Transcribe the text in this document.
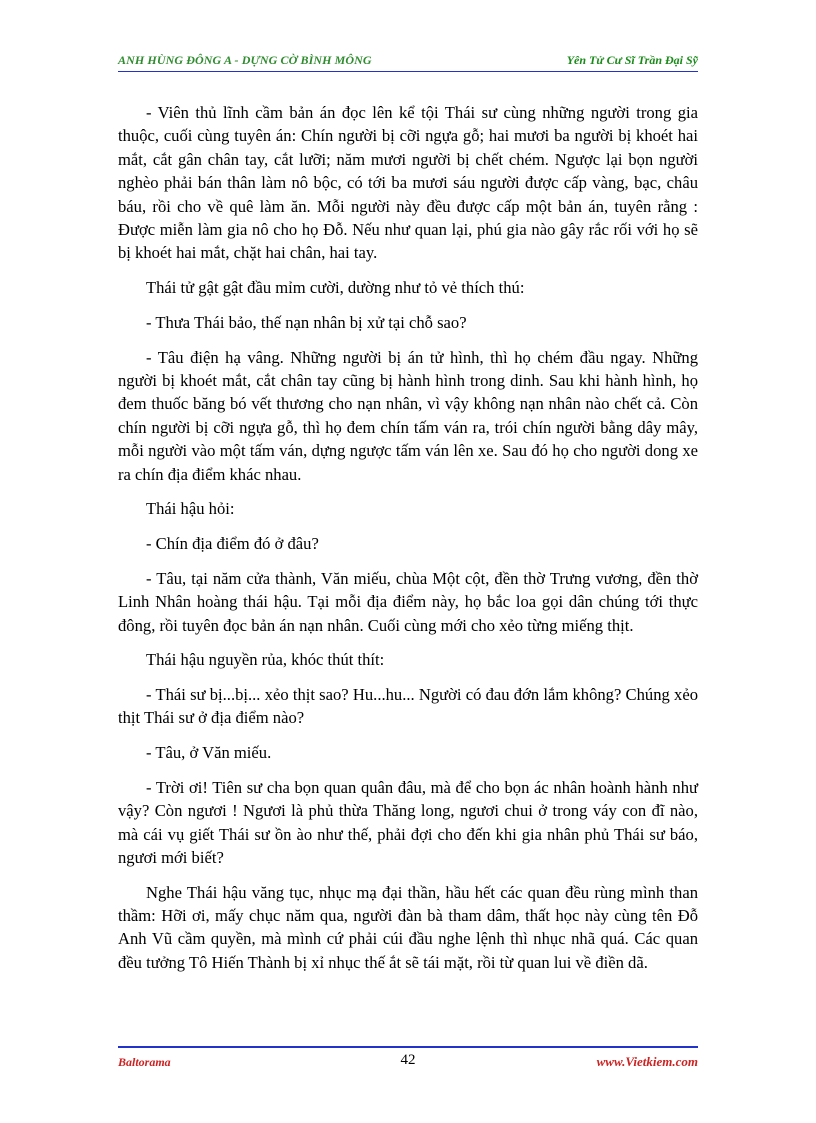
ANH HÙNG ĐÔNG A - DỰNG CỜ BÌNH MÔNG	Yên Tử Cư Sĩ Trần Đại Sỹ

- Viên thủ lĩnh cầm bản án đọc lên kể tội Thái sư cùng những người trong gia thuộc, cuối cùng tuyên án: Chín người bị cỡi ngựa gỗ; hai mươi ba người bị khoét hai mắt, cắt gân chân tay, cắt lưỡi; năm mươi người bị chết chém. Ngược lại bọn người nghèo phải bán thân làm nô bộc, có tới ba mươi sáu người được cấp vàng, bạc, châu báu, rồi cho về quê làm ăn. Mỗi người này đều được cấp một bản án, tuyên rằng : Được miễn làm gia nô cho họ Đỗ. Nếu như quan lại, phú gia nào gây rắc rối với họ sẽ bị khoét hai mắt, chặt hai chân, hai tay.

Thái tử gật gật đầu mỉm cười, dường như tỏ vẻ thích thú:

- Thưa Thái bảo, thế nạn nhân bị xử tại chỗ sao?

- Tâu điện hạ vâng. Những người bị án tử hình, thì họ chém đầu ngay. Những người bị khoét mắt, cắt chân tay cũng bị hành hình trong dinh. Sau khi hành hình, họ đem thuốc băng bó vết thương cho nạn nhân, vì vậy không nạn nhân nào chết cả. Còn chín người bị cỡi ngựa gỗ, thì họ đem chín tấm ván ra, trói chín người bằng dây mây, mỗi người vào một tấm ván, dựng ngược tấm ván lên xe. Sau đó họ cho người dong xe ra chín địa điểm khác nhau.

Thái hậu hỏi:

- Chín địa điểm đó ở đâu?

- Tâu, tại năm cửa thành, Văn miếu, chùa Một cột, đền thờ Trưng vương, đền thờ Linh Nhân hoàng thái hậu. Tại mỗi địa điểm này, họ bắc loa gọi dân chúng tới thực đông, rồi tuyên đọc bản án nạn nhân. Cuối cùng mới cho xẻo từng miếng thịt.

Thái hậu nguyền rủa, khóc thút thít:

- Thái sư bị...bị... xẻo thịt sao? Hu...hu... Người có đau đớn lắm không? Chúng xẻo thịt Thái sư ở địa điểm nào?

- Tâu, ở Văn miếu.

- Trời ơi! Tiên sư cha bọn quan quân đâu, mà để cho bọn ác nhân hoành hành như vậy? Còn ngươi ! Ngươi là phủ thừa Thăng long, ngươi chui ở trong váy con đĩ nào, mà cái vụ giết Thái sư ồn ào như thế, phải đợi cho đến khi gia nhân phủ Thái sư báo, ngươi mới biết?

Nghe Thái hậu văng tục, nhục mạ đại thần, hầu hết các quan đều rùng mình than thầm: Hỡi ơi, mấy chục năm qua, người đàn bà tham dâm, thất học này cùng tên Đỗ Anh Vũ cầm quyền, mà mình cứ phải cúi đầu nghe lệnh thì nhục nhã quá. Các quan đều tưởng Tô Hiến Thành bị xỉ nhục thế ắt sẽ tái mặt, rồi từ quan lui về điền dã.

Baltorama	42	www.Vietkiem.com
